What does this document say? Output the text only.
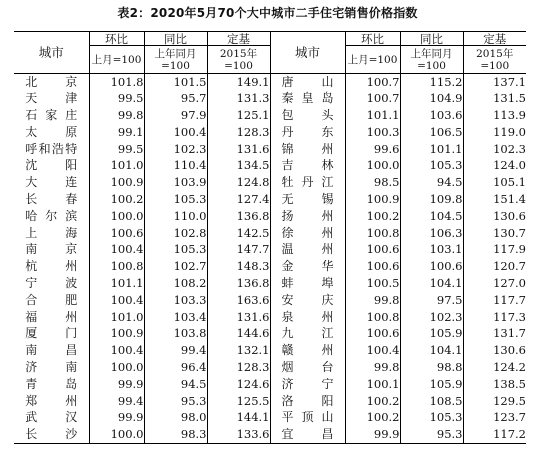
表2：2020年5月70个大中城市二手住宅销售价格指数
城市	环比	同比	定基	城市	环比	同比	定基
	上月=100	上年同月=100	2015年=100		上月=100	上年同月=100	2015年=100
北京	101.8	101.5	149.1	唐山	100.7	115.2	137.1
天津	99.5	95.7	131.3	秦皇岛	100.7	104.9	131.5
石家庄	99.8	97.9	125.1	包头	101.1	103.6	113.9
太原	99.1	100.4	128.3	丹东	100.3	106.5	119.0
呼和浩特	99.5	102.3	131.6	锦州	99.6	101.1	102.3
沈阳	101.0	110.4	134.5	吉林	100.0	105.3	124.0
大连	100.9	103.9	124.8	牡丹江	98.5	94.5	105.1
长春	100.2	105.3	127.4	无锡	100.9	109.8	151.4
哈尔滨	100.0	110.0	136.8	扬州	100.2	104.5	130.6
上海	100.6	102.8	142.5	徐州	100.8	106.3	130.7
南京	100.4	105.3	147.7	温州	100.6	103.1	117.9
杭州	100.8	102.7	148.3	金华	100.6	100.6	120.7
宁波	101.1	108.2	136.8	蚌埠	100.5	104.1	127.0
合肥	100.4	103.3	163.6	安庆	99.8	97.5	117.7
福州	101.0	103.4	131.6	泉州	100.8	102.3	117.3
厦门	100.9	103.8	144.6	九江	100.6	105.9	131.7
南昌	100.4	99.4	132.1	赣州	100.4	104.1	130.6
济南	100.0	96.4	128.3	烟台	99.8	98.8	124.2
青岛	99.9	94.5	124.6	济宁	100.1	105.9	138.5
郑州	99.4	95.3	125.5	洛阳	100.2	108.5	129.5
武汉	99.9	98.0	144.1	平顶山	100.2	105.3	123.7
长沙	100.0	98.3	133.6	宜昌	99.9	95.3	117.2
